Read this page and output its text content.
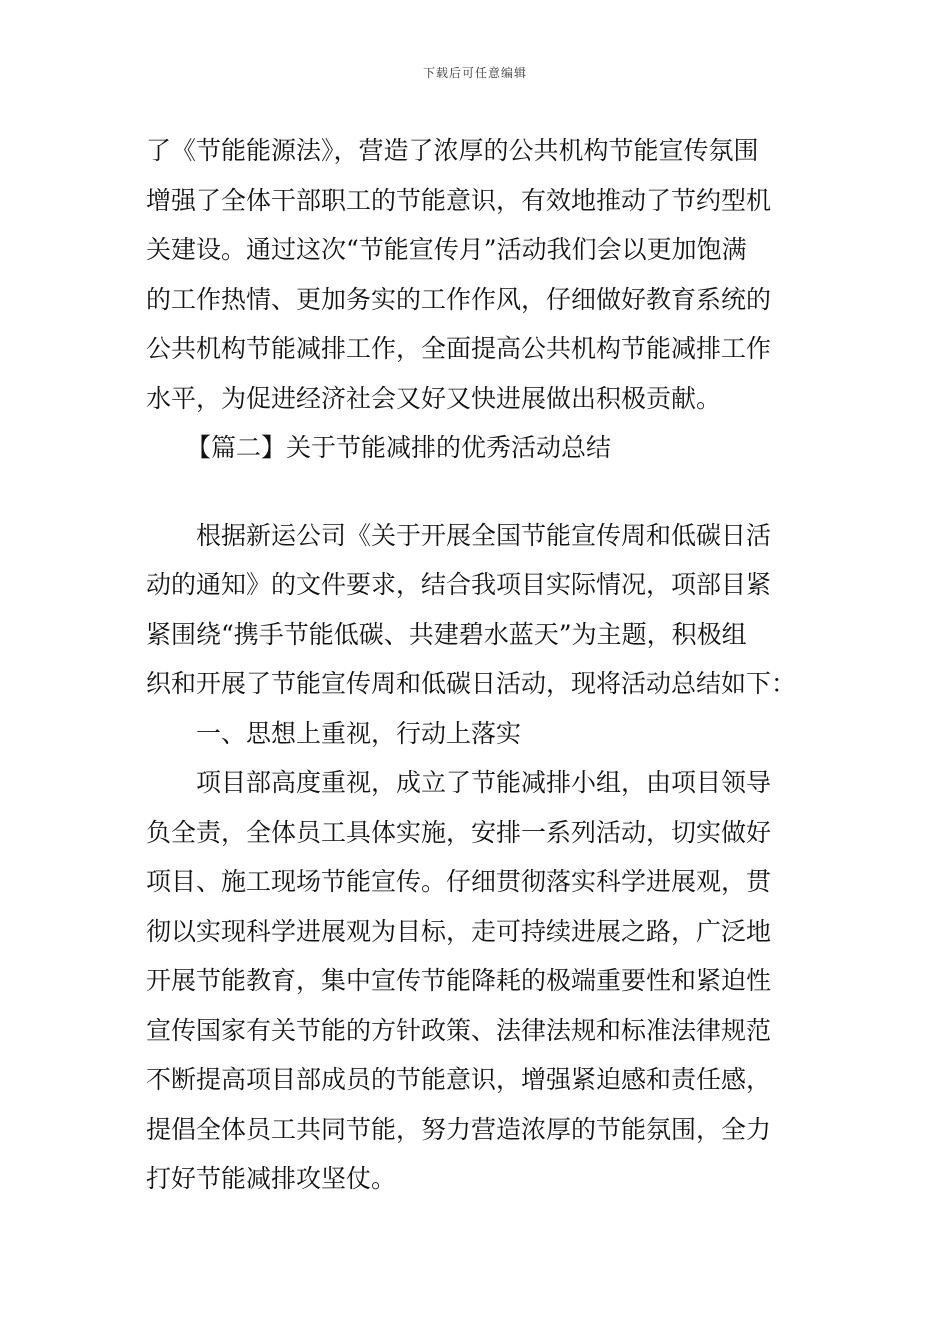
下载后可任意编辑
了《节能能源法》，营造了浓厚的公共机构节能宣传氛围
增强了全体干部职工的节能意识，有效地推动了节约型机
关建设。通过这次“节能宣传月”活动我们会以更加饱满
的工作热情、更加务实的工作作风，仔细做好教育系统的
公共机构节能减排工作，全面提高公共机构节能减排工作
水平，为促进经济社会又好又快进展做出积极贡献。
【篇二】关于节能减排的优秀活动总结
根据新运公司《关于开展全国节能宣传周和低碳日活
动的通知》的文件要求，结合我项目实际情况，项部目紧
紧围绕“携手节能低碳、共建碧水蓝天”为主题，积极组
织和开展了节能宣传周和低碳日活动，现将活动总结如下：
一、思想上重视，行动上落实
项目部高度重视，成立了节能减排小组，由项目领导
负全责，全体员工具体实施，安排一系列活动，切实做好
项目、施工现场节能宣传。仔细贯彻落实科学进展观，贯
彻以实现科学进展观为目标，走可持续进展之路，广泛地
开展节能教育，集中宣传节能降耗的极端重要性和紧迫性
宣传国家有关节能的方针政策、法律法规和标准法律规范
不断提高项目部成员的节能意识，增强紧迫感和责任感，
提倡全体员工共同节能，努力营造浓厚的节能氛围，全力
打好节能减排攻坚仗。
